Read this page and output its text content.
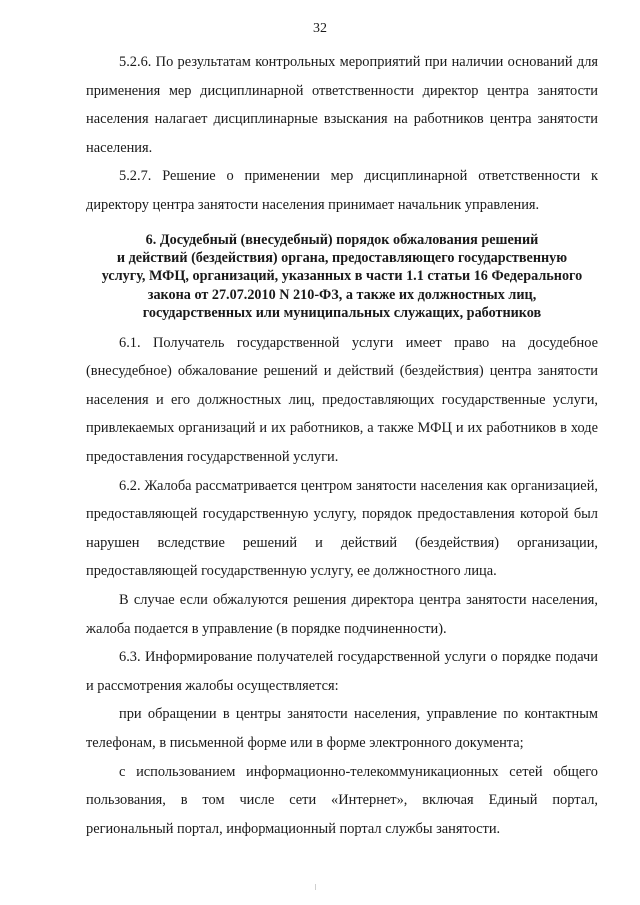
32

5.2.6. По результатам контрольных мероприятий при наличии оснований для применения мер дисциплинарной ответственности директор центра занятости населения налагает дисциплинарные взыскания на работников центра занятости населения.

5.2.7. Решение о применении мер дисциплинарной ответственности к директору центра занятости населения принимает начальник управления.

6. Досудебный (внесудебный) порядок обжалования решений
и действий (бездействия) органа, предоставляющего государственную
услугу, МФЦ, организаций, указанных в части 1.1 статьи 16 Федерального
закона от 27.07.2010 N 210-ФЗ, а также их должностных лиц,
государственных или муниципальных служащих, работников

6.1. Получатель государственной услуги имеет право на досудебное (внесудебное) обжалование решений и действий (бездействия) центра занятости населения и его должностных лиц, предоставляющих государственные услуги, привлекаемых организаций и их работников, а также МФЦ и их работников в ходе предоставления государственной услуги.

6.2. Жалоба рассматривается центром занятости населения как организацией, предоставляющей государственную услугу, порядок предоставления которой был нарушен вследствие решений и действий (бездействия) организации, предоставляющей государственную услугу, ее должностного лица.

В случае если обжалуются решения директора центра занятости населения, жалоба подается в управление (в порядке подчиненности).

6.3. Информирование получателей государственной услуги о порядке подачи и рассмотрения жалобы осуществляется:

при обращении в центры занятости населения, управление по контактным телефонам, в письменной форме или в форме электронного документа;

с использованием информационно-телекоммуникационных сетей общего пользования, в том числе сети «Интернет», включая Единый портал, региональный портал, информационный портал службы занятости.
